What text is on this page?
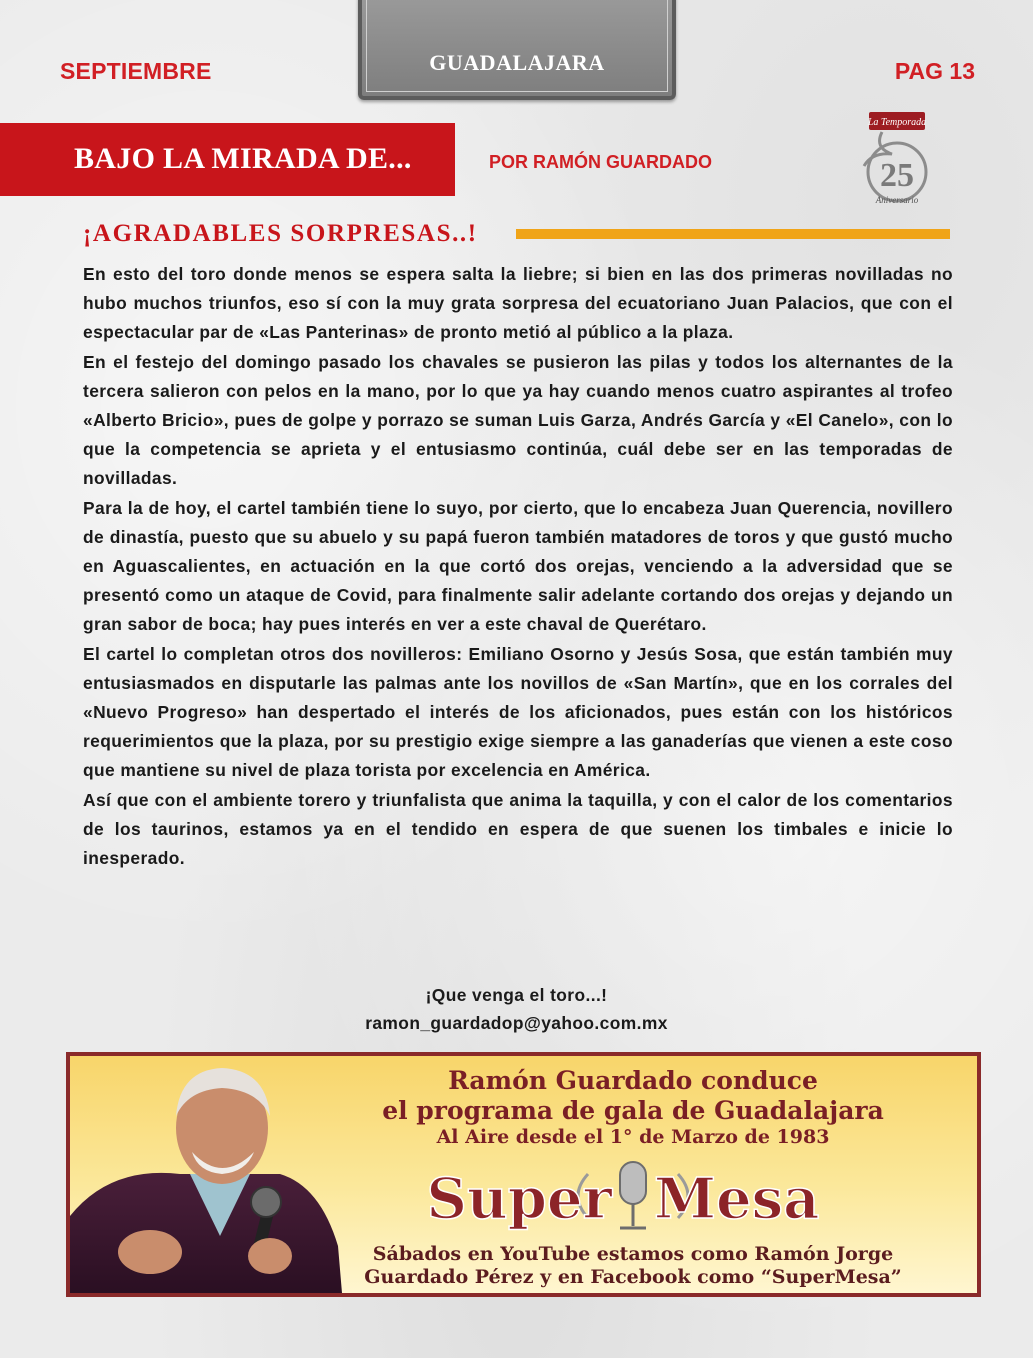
SEPTIEMBRE	GUADALAJARA	PAG 13
BAJO LA MIRADA DE...	POR RAMÓN GUARDADO
La Temporada
25
Aniversario
¡AGRADABLES SORPRESAS..!

En esto del toro donde menos se espera salta la liebre; si bien en las dos primeras novilladas no hubo muchos triunfos, eso sí con la muy grata sorpresa del ecuatoriano Juan Palacios, que con el espectacular par de «Las Panterinas» de pronto metió al público a la plaza.

En el festejo del domingo pasado los chavales se pusieron las pilas y todos los alternantes de la tercera salieron con pelos en la mano, por lo que ya hay cuando menos cuatro aspirantes al trofeo «Alberto Bricio», pues de golpe y porrazo se suman Luis Garza, Andrés García y «El Canelo», con lo que la competencia se aprieta y el entusiasmo continúa, cuál debe ser en las temporadas de novilladas.

Para la de hoy, el cartel también tiene lo suyo, por cierto, que lo encabeza Juan Querencia, novillero de dinastía, puesto que su abuelo y su papá fueron también matadores de toros y que gustó mucho en Aguascalientes, en actuación en la que cortó dos orejas, venciendo a la adversidad que se presentó como un ataque de Covid, para finalmente salir adelante cortando dos orejas y dejando un gran sabor de boca; hay pues interés en ver a este chaval de Querétaro.

El cartel lo completan otros dos novilleros: Emiliano Osorno y Jesús Sosa, que están también muy entusiasmados en disputarle las palmas ante los novillos de «San Martín», que en los corrales del «Nuevo Progreso» han despertado el interés de los aficionados, pues están con los históricos requerimientos que la plaza, por su prestigio exige siempre a las ganaderías que vienen a este coso que mantiene su nivel de plaza torista por excelencia en América.

Así que con el ambiente torero y triunfalista que anima la taquilla, y con el calor de los comentarios de los taurinos, estamos ya en el tendido en espera de que suenen los timbales e inicie lo inesperado.

¡Que venga el toro...!
ramon_guardadop@yahoo.com.mx
Ramón Guardado conduce
el programa de gala de Guadalajara
Al Aire desde el 1° de Marzo de 1983
Super Mesa
Sábados en YouTube estamos como Ramón Jorge
Guardado Pérez y en Facebook como “SuperMesa”
